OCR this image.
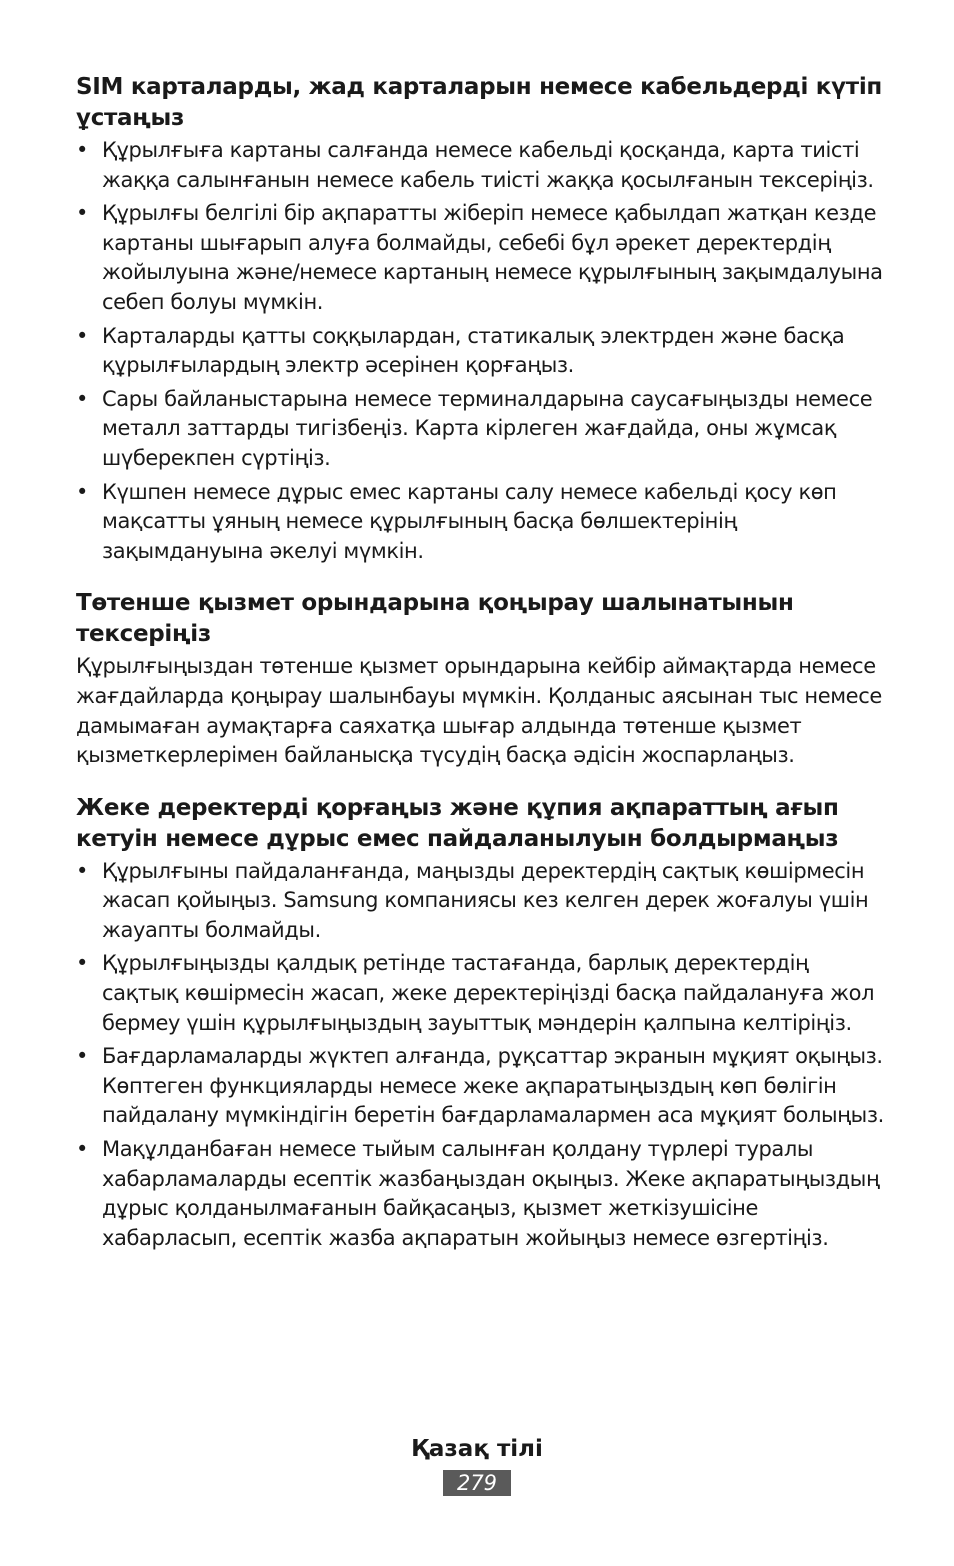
SIM карталарды, жад карталарын немесе кабельдерді күтіп ұстаңыз
• Құрылғыға картаны салғанда немесе кабельді қосқанда, карта тиісті жаққа салынғанын немесе кабель тиісті жаққа қосылғанын тексеріңіз.
• Құрылғы белгілі бір ақпаратты жіберіп немесе қабылдап жатқан кезде картаны шығарып алуға болмайды, себебі бұл әрекет деректердің жойылуына және/немесе картаның немесе құрылғының зақымдалуына себеп болуы мүмкін.
• Карталарды қатты соққылардан, статикалық электрден және басқа құрылғылардың электр әсерінен қорғаңыз.
• Сары байланыстарына немесе терминалдарына саусағыңызды немесе металл заттарды тигізбеңіз. Карта кірлеген жағдайда, оны жұмсақ шүберекпен сүртіңіз.
• Күшпен немесе дұрыс емес картаны салу немесе кабельді қосу көп мақсатты ұяның немесе құрылғының басқа бөлшектерінің зақымдануына әкелуі мүмкін.
Төтенше қызмет орындарына қоңырау шалынатынын тексеріңіз

Құрылғыңыздан төтенше қызмет орындарына кейбір аймақтарда немесе жағдайларда қоңырау шалынбауы мүмкін. Қолданыс аясынан тыс немесе дамымаған аумақтарға саяхатқа шығар алдында төтенше қызмет қызметкерлерімен байланысқа түсудің басқа әдісін жоспарлаңыз.

Жеке деректерді қорғаңыз және құпия ақпараттың ағып кетуін немесе дұрыс емес пайдаланылуын болдырмаңыз
• Құрылғыны пайдаланғанда, маңызды деректердің сақтық көшірмесін жасап қойыңыз. Samsung компаниясы кез келген дерек жоғалуы үшін жауапты болмайды.
• Құрылғыңызды қалдық ретінде тастағанда, барлық деректердің сақтық көшірмесін жасап, жеке деректеріңізді басқа пайдалануға жол бермеу үшін құрылғыңыздың зауыттық мәндерін қалпына келтіріңіз.
• Бағдарламаларды жүктеп алғанда, рұқсаттар экранын мұқият оқыңыз. Көптеген функцияларды немесе жеке ақпаратыңыздың көп бөлігін пайдалану мүмкіндігін беретін бағдарламалармен аса мұқият болыңыз.
• Мақұлданбаған немесе тыйым салынған қолдану түрлері туралы хабарламаларды есептік жазбаңыздан оқыңыз. Жеке ақпаратыңыздың дұрыс қолданылмағанын байқасаңыз, қызмет жеткізушісіне хабарласып, есептік жазба ақпаратын жойыңыз немесе өзгертіңіз.
Қазақ тілі
279
